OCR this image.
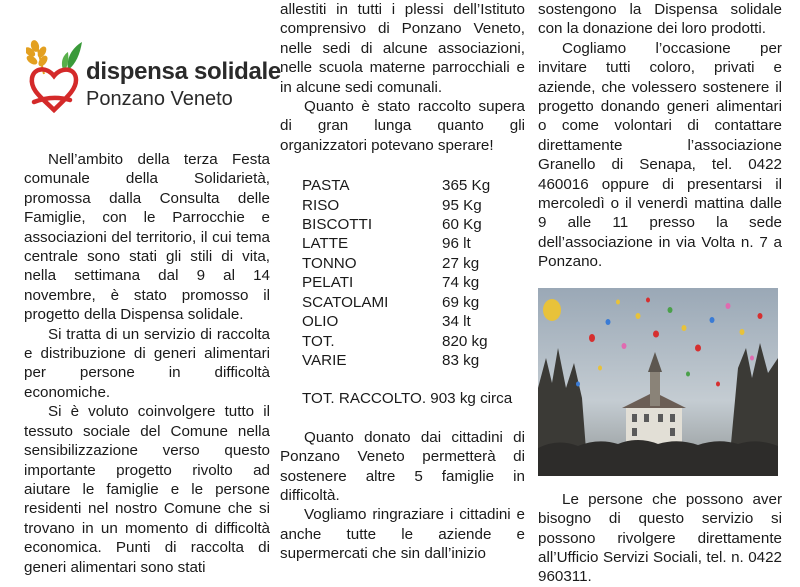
dispensa solidale
Ponzano Veneto

Nell’ambito della terza Festa comunale della Solidarietà, promossa dalla Consulta delle Famiglie, con le Parrocchie e associazioni del territorio, il cui tema centrale sono stati gli stili di vita, nella settimana dal 9 al 14 novembre, è stato promosso il progetto della Dispensa solidale.

Si tratta di un servizio di raccolta e distribuzione di generi alimentari per persone in difficoltà economiche.

Si è voluto coinvolgere tutto il tessuto sociale del Comune nella sensibilizzazione verso questo importante progetto rivolto ad aiutare le famiglie e le persone residenti nel nostro Comune che si trovano in un momento di difficoltà economica. Punti di raccolta di generi alimentari sono stati

allestiti in tutti i plessi dell’Istituto comprensivo di Ponzano Veneto, nelle sedi di alcune associazioni, nelle scuola materne parrocchiali e in alcune sedi comunali.

Quanto è stato raccolto supera di gran lunga quanto gli organizzatori potevano sperare!

PASTA	365 Kg
RISO	95 Kg
BISCOTTI	60 Kg
LATTE	96 lt
TONNO	27 kg
PELATI	74 kg
SCATOLAMI	69 kg
OLIO	34 lt
TOT.	820 kg
VARIE	83 kg

TOT. RACCOLTO. 903 kg circa

Quanto donato dai cittadini di Ponzano Veneto permetterà di sostenere altre 5 famiglie in difficoltà.

Vogliamo ringraziare i cittadini e anche tutte le aziende e supermercati che sin dall’inizio

sostengono la Dispensa solidale con la donazione dei loro prodotti.

Cogliamo l’occasione per invitare tutti coloro, privati e aziende, che volessero sostenere il progetto donando generi alimentari o come volontari di contattare direttamente l’associazione Granello di Senapa, tel. 0422 460016 oppure di presentarsi il mercoledì o il venerdì mattina dalle 9 alle 11 presso la sede dell’associazione in via Volta n. 7 a Ponzano.

Le persone che possono aver bisogno di questo servizio si possono rivolgere direttamente all’Ufficio Servizi Sociali, tel. n. 0422 960311.
